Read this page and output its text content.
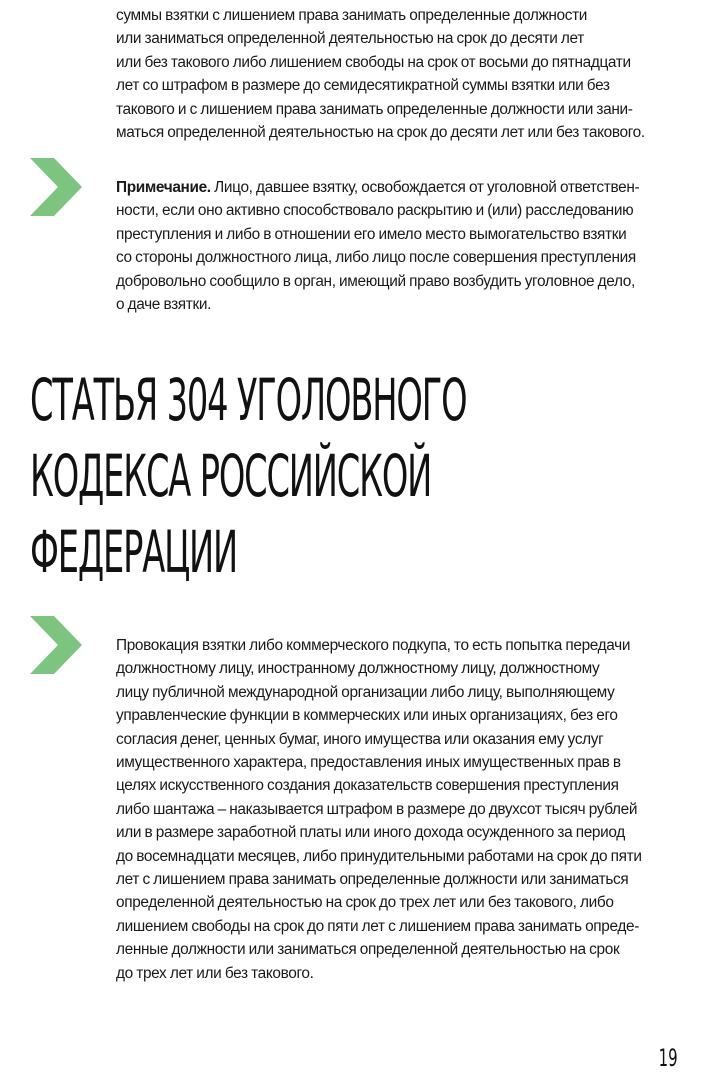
суммы взятки с лишением права занимать определенные должности
или заниматься определенной деятельностью на срок до десяти лет
или без такового либо лишением свободы на срок от восьми до пятнадцати
лет со штрафом в размере до семидесятикратной суммы взятки или без
такового и с лишением права занимать определенные должности или зани-
маться определенной деятельностью на срок до десяти лет или без такового.

Примечание. Лицо, давшее взятку, освобождается от уголовной ответствен-
ности, если оно активно способствовало раскрытию и (или) расследованию
преступления и либо в отношении его имело место вымогательство взятки
со стороны должностного лица, либо лицо после совершения преступления
добровольно сообщило в орган, имеющий право возбудить уголовное дело,
о даче взятки.

СТАТЬЯ 304 УГОЛОВНОГО
КОДЕКСА РОССИЙСКОЙ
ФЕДЕРАЦИИ

Провокация взятки либо коммерческого подкупа, то есть попытка передачи
должностному лицу, иностранному должностному лицу, должностному
лицу публичной международной организации либо лицу, выполняющему
управленческие функции в коммерческих или иных организациях, без его
согласия денег, ценных бумаг, иного имущества или оказания ему услуг
имущественного характера, предоставления иных имущественных прав в
целях искусственного создания доказательств совершения преступления
либо шантажа – наказывается штрафом в размере до двухсот тысяч рублей
или в размере заработной платы или иного дохода осужденного за период
до восемнадцати месяцев, либо принудительными работами на срок до пяти
лет с лишением права занимать определенные должности или заниматься
определенной деятельностью на срок до трех лет или без такового, либо
лишением свободы на срок до пяти лет с лишением права занимать опреде-
ленные должности или заниматься определенной деятельностью на срок
до трех лет или без такового.

19
